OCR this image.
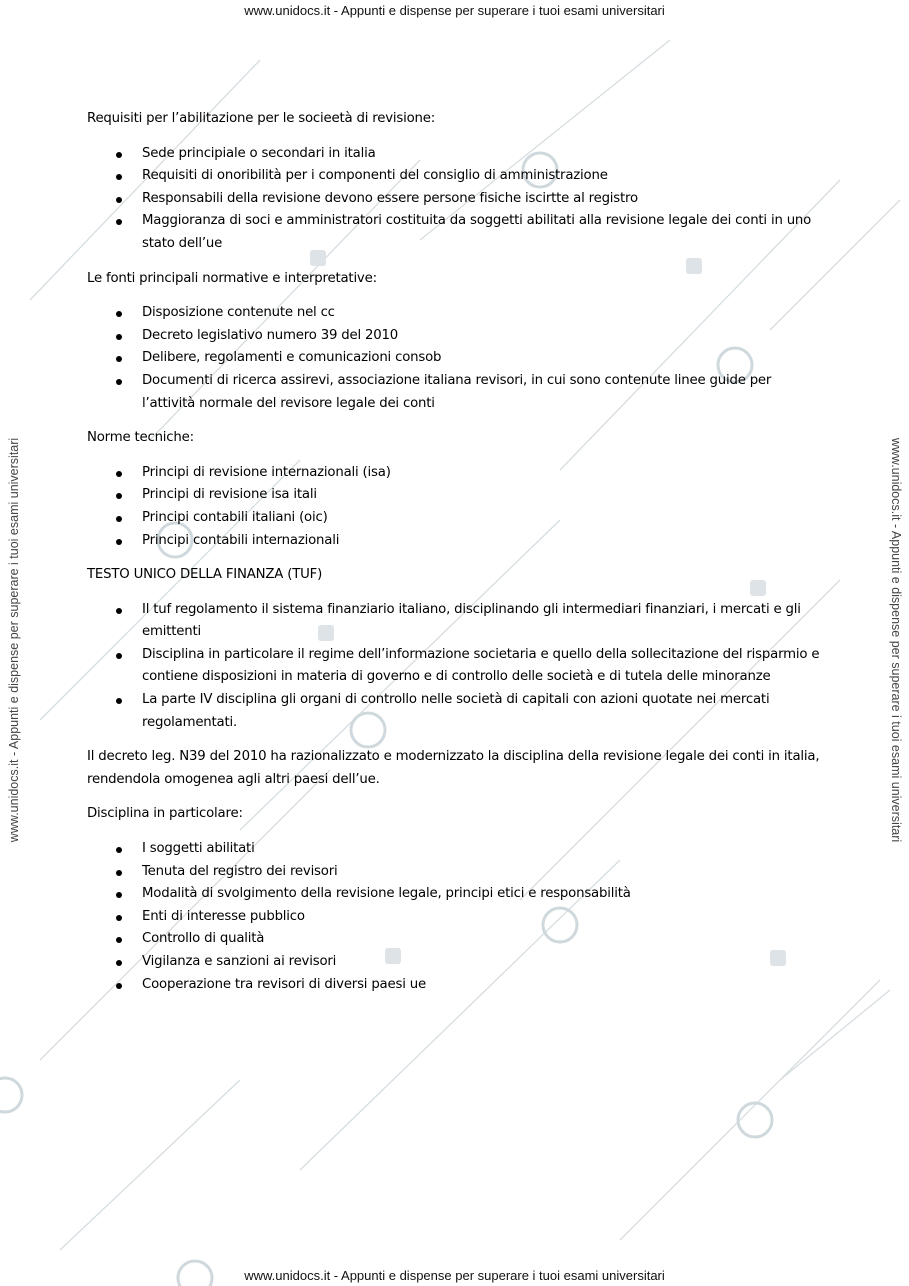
www.unidocs.it - Appunti e dispense per superare i tuoi esami universitari
www.unidocs.it - Appunti e dispense per superare i tuoi esami universitari
www.unidocs.it - Appunti e dispense per superare i tuoi esami universitari	www.unidocs.it - Appunti e dispense per superare i tuoi esami universitari

Requisiti per l’abilitazione per le socieetà di revisione:

Sede principiale o secondari in italia
Requisiti di onoribilità per i componenti del consiglio di amministrazione
Responsabili della revisione devono essere persone fisiche iscirtte al registro
Maggioranza di soci e amministratori costituita da soggetti abilitati alla revisione legale dei conti in uno stato dell’ue

Le fonti principali normative e interpretative:

Disposizione contenute nel cc
Decreto legislativo numero 39 del 2010
Delibere, regolamenti e comunicazioni consob
Documenti di ricerca assirevi, associazione italiana revisori, in cui sono contenute linee guide per l’attività normale del revisore legale dei conti

Norme tecniche:

Principi di revisione internazionali (isa)
Principi di revisione isa itali
Principi contabili italiani (oic)
Principi contabili internazionali

TESTO UNICO DELLA FINANZA (TUF)

Il tuf regolamento il sistema finanziario italiano, disciplinando gli intermediari finanziari, i mercati e gli emittenti
Disciplina in particolare il regime dell’informazione societaria e quello della sollecitazione del risparmio e contiene disposizioni in materia di governo e di controllo delle società e di tutela delle minoranze
La parte IV disciplina gli organi di controllo nelle società di capitali con azioni quotate nei mercati regolamentati.

Il decreto leg. N39 del 2010 ha razionalizzato e modernizzato la disciplina della revisione legale dei conti in italia, rendendola omogenea agli altri paesi dell’ue.

Disciplina in particolare:

I soggetti abilitati
Tenuta del registro dei revisori
Modalità di svolgimento della revisione legale, principi etici e responsabilità
Enti di interesse pubblico
Controllo di qualità
Vigilanza e sanzioni ai revisori
Cooperazione tra revisori di diversi paesi ue
